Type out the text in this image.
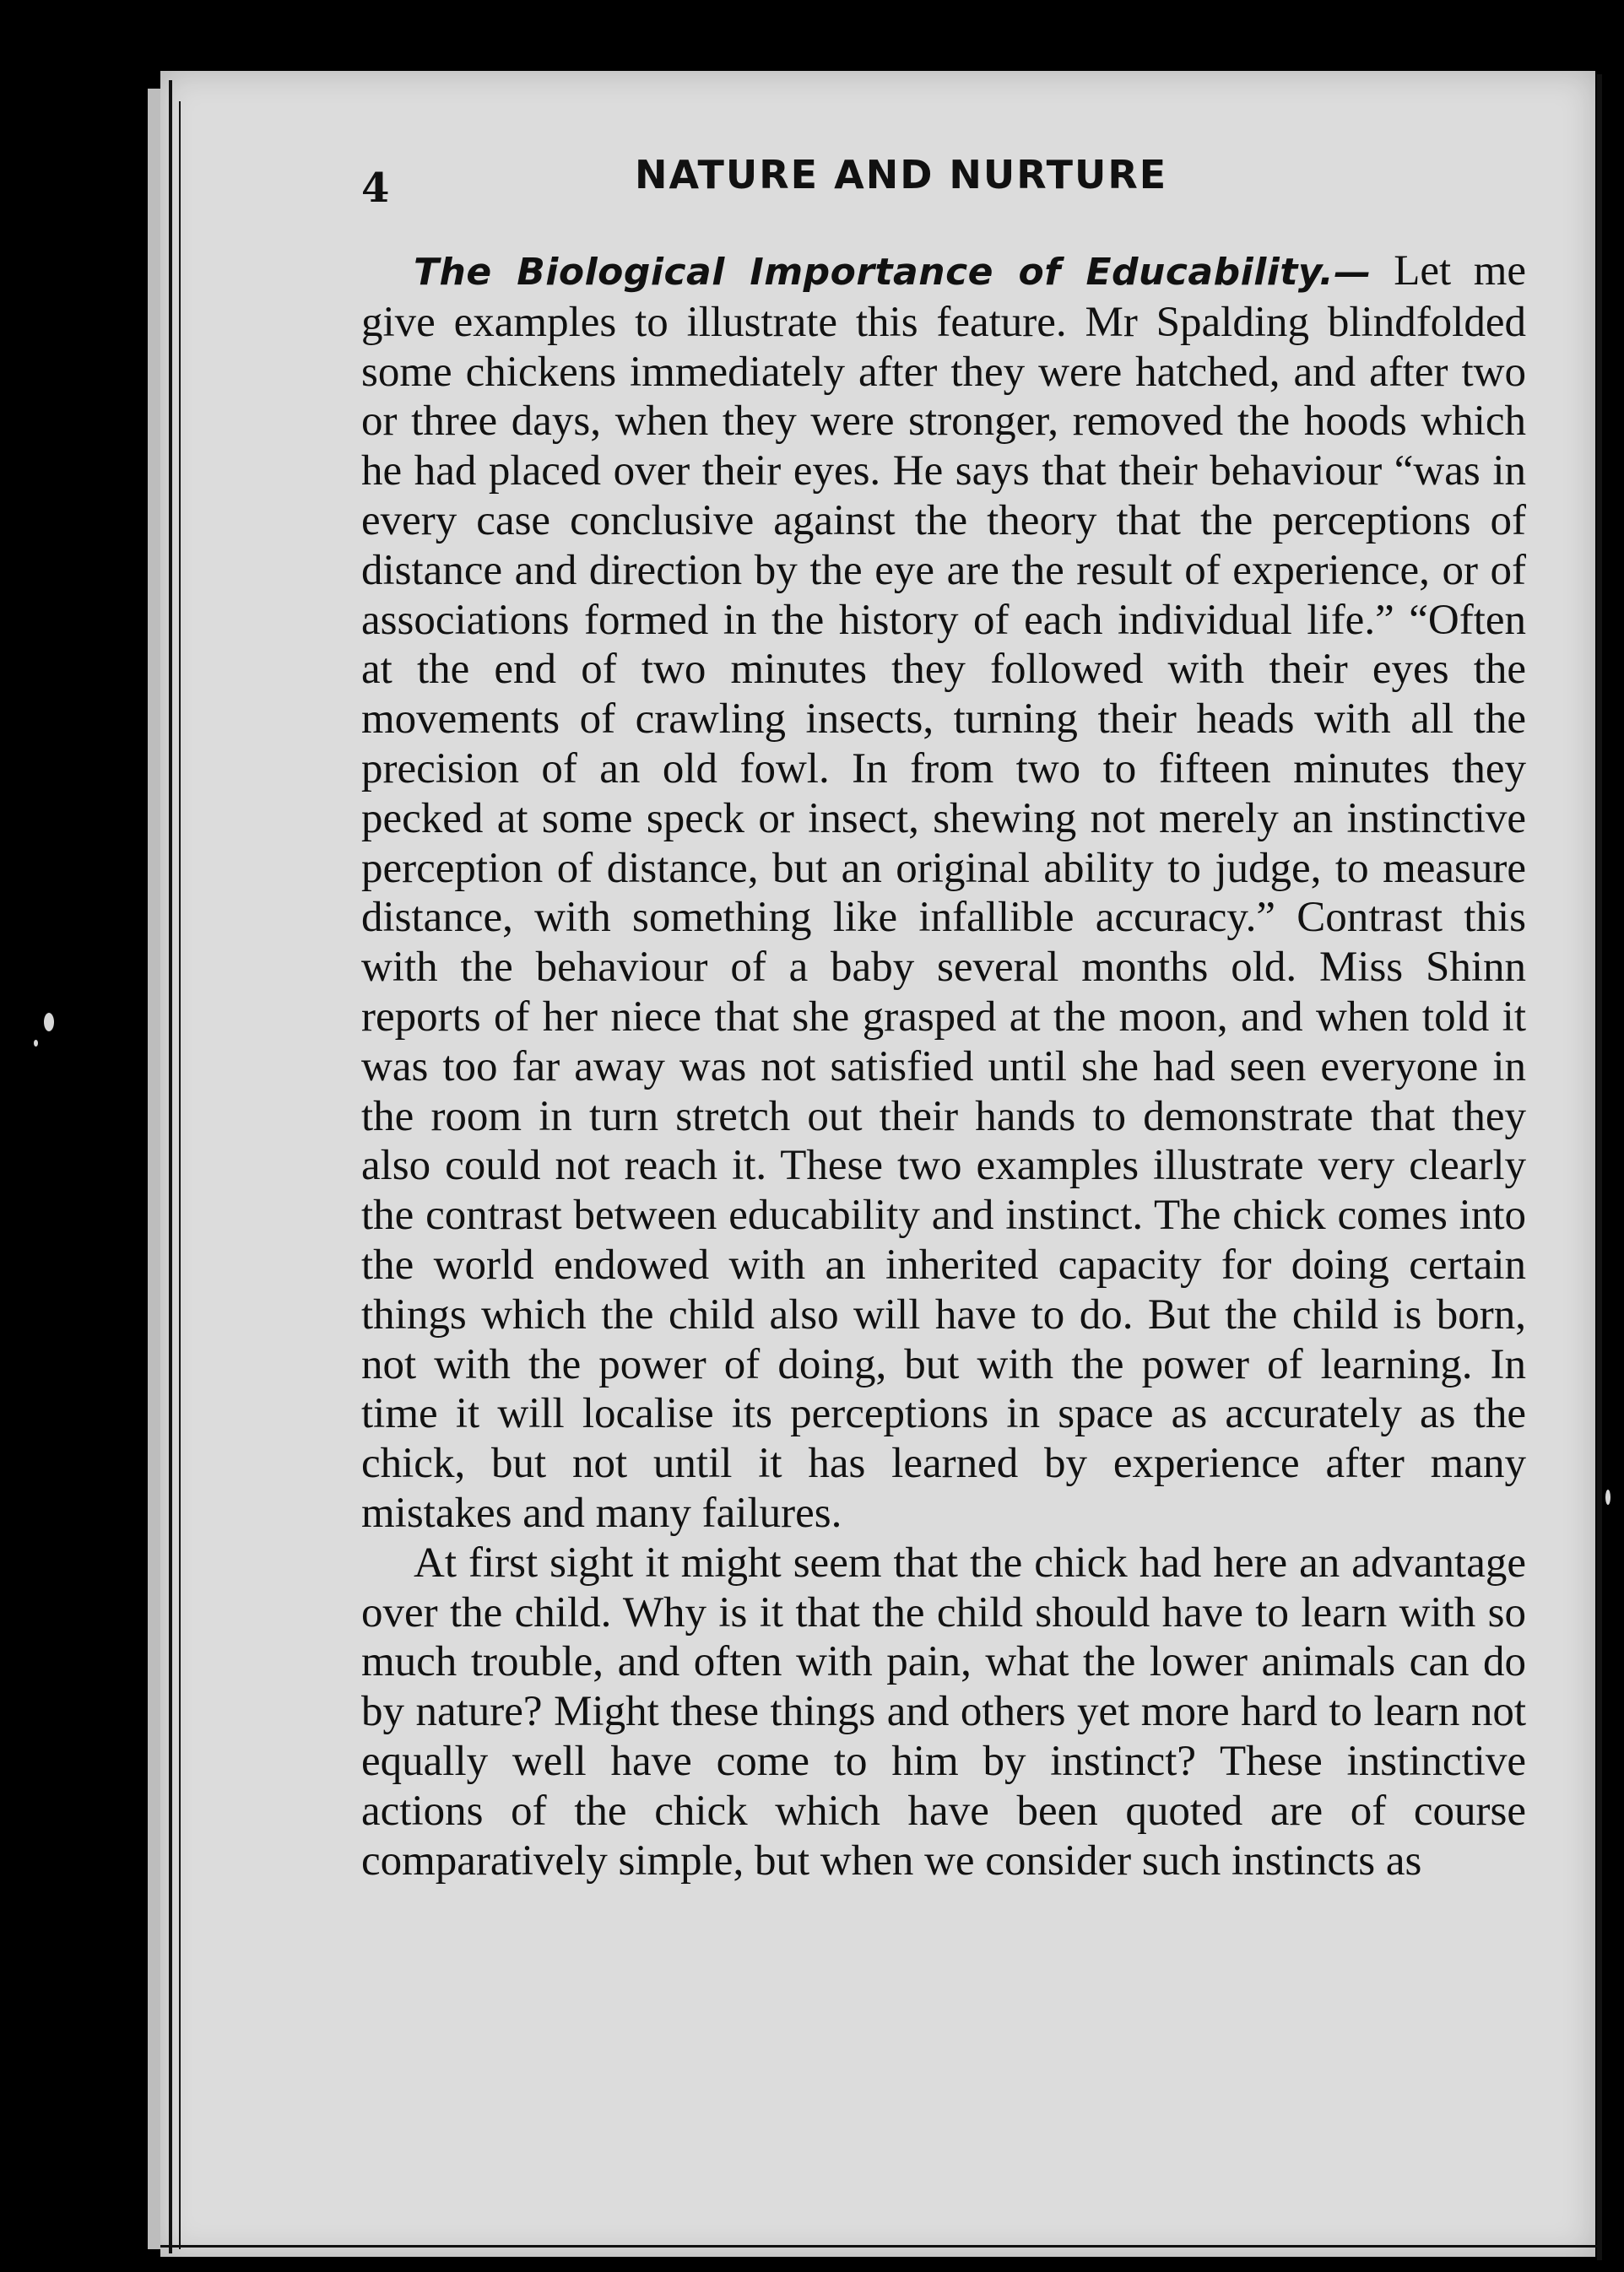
4	NATURE AND NURTURE

The Biological Importance of Educability.— Let me give examples to illustrate this feature. Mr Spalding blindfolded some chickens immediately after they were hatched, and after two or three days, when they were stronger, removed the hoods which he had placed over their eyes. He says that their behaviour “was in every case conclusive against the theory that the perceptions of distance and direction by the eye are the result of experience, or of associations formed in the history of each individual life.” “Often at the end of two minutes they followed with their eyes the movements of crawling insects, turning their heads with all the precision of an old fowl. In from two to fifteen minutes they pecked at some speck or insect, shewing not merely an instinctive perception of distance, but an original ability to judge, to measure distance, with something like infallible accuracy.” Contrast this with the behaviour of a baby several months old. Miss Shinn reports of her niece that she grasped at the moon, and when told it was too far away was not satisfied until she had seen everyone in the room in turn stretch out their hands to demonstrate that they also could not reach it. These two examples illustrate very clearly the contrast between educability and instinct. The chick comes into the world endowed with an inherited capacity for doing certain things which the child also will have to do. But the child is born, not with the power of doing, but with the power of learning. In time it will localise its perceptions in space as accurately as the chick, but not until it has learned by experience after many mistakes and many failures.

At first sight it might seem that the chick had here an advantage over the child. Why is it that the child should have to learn with so much trouble, and often with pain, what the lower animals can do by nature? Might these things and others yet more hard to learn not equally well have come to him by instinct? These instinctive actions of the chick which have been quoted are of course comparatively simple, but when we consider such instincts as
